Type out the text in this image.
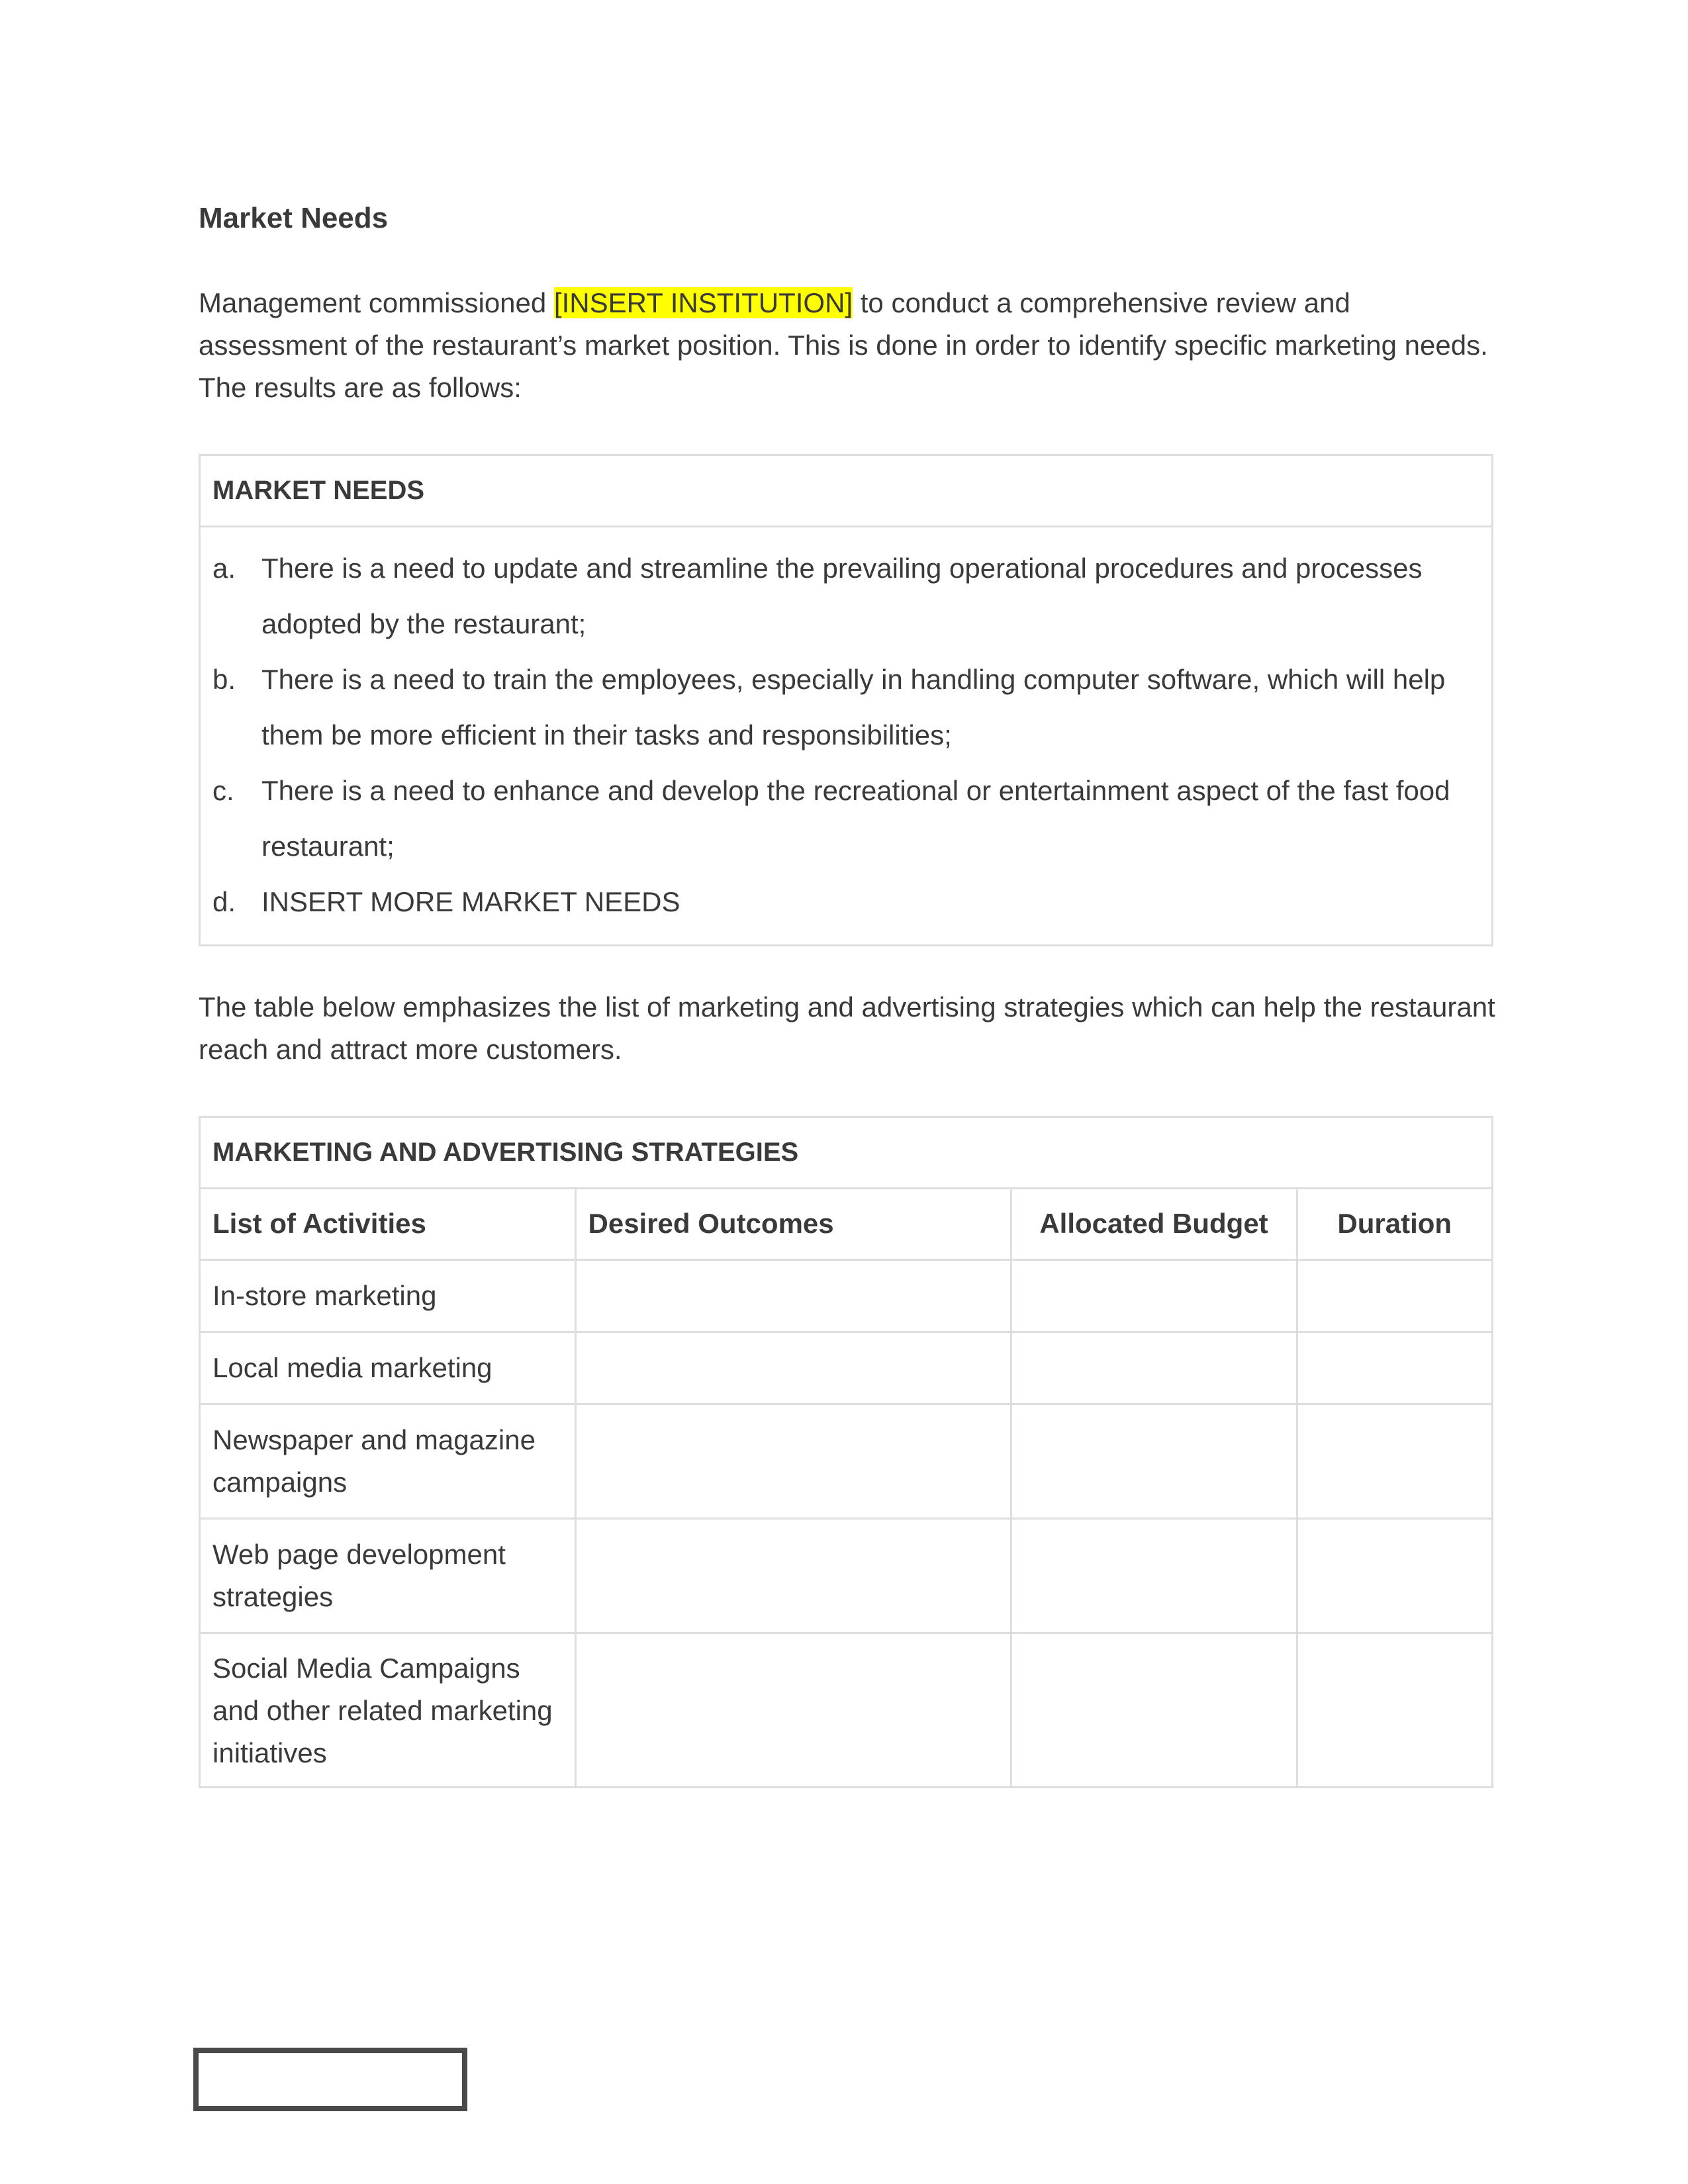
Market Needs

Management commissioned [INSERT INSTITUTION] to conduct a comprehensive review and assessment of the restaurant’s market position. This is done in order to identify specific marketing needs. The results are as follows:

MARKET NEEDS
a. There is a need to update and streamline the prevailing operational procedures and processes adopted by the restaurant;
b. There is a need to train the employees, especially in handling computer software, which will help them be more efficient in their tasks and responsibilities;
c. There is a need to enhance and develop the recreational or entertainment aspect of the fast food restaurant;
d. INSERT MORE MARKET NEEDS

The table below emphasizes the list of marketing and advertising strategies which can help the restaurant reach and attract more customers.

MARKETING AND ADVERTISING STRATEGIES
List of Activities	Desired Outcomes	Allocated Budget	Duration
In-store marketing			
Local media marketing			
Newspaper and magazine campaigns			
Web page development strategies			
Social Media Campaigns and other related marketing initiatives			
